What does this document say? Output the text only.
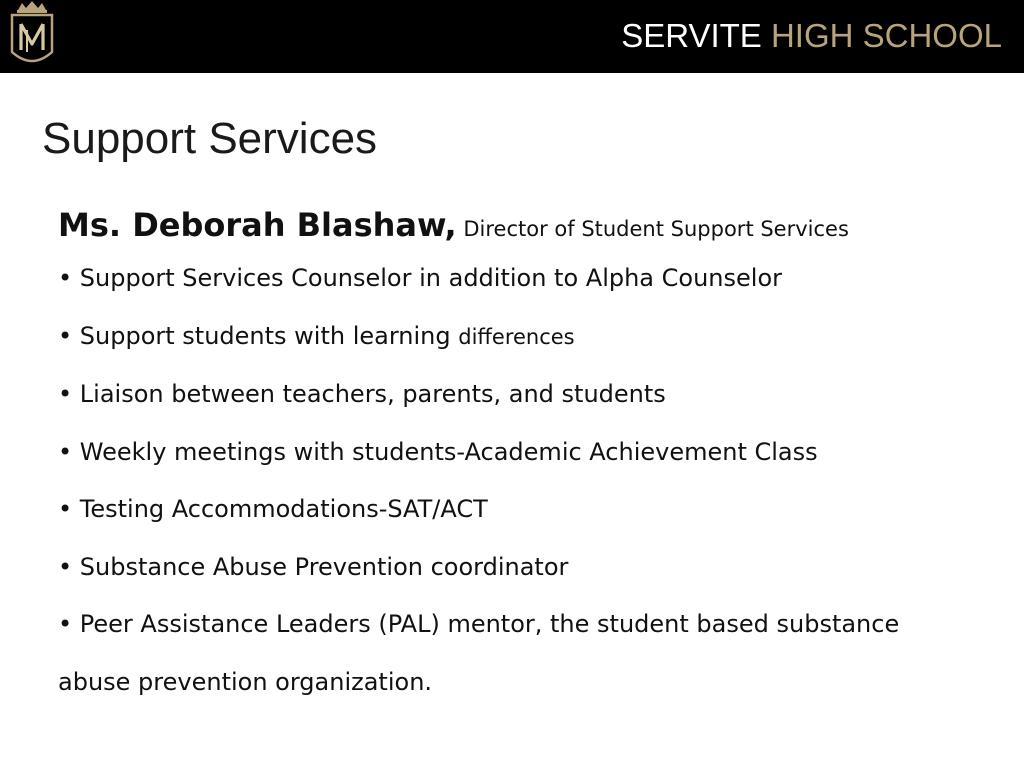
SERVITE HIGH SCHOOL
Support Services
Ms. Deborah Blashaw, Director of Student Support Services
• Support Services Counselor in addition to Alpha Counselor
• Support students with learning differences
• Liaison between teachers, parents, and students
• Weekly meetings with students-Academic Achievement Class
• Testing Accommodations-SAT/ACT
• Substance Abuse Prevention coordinator
• Peer Assistance Leaders (PAL) mentor, the student based substance abuse prevention organization.
